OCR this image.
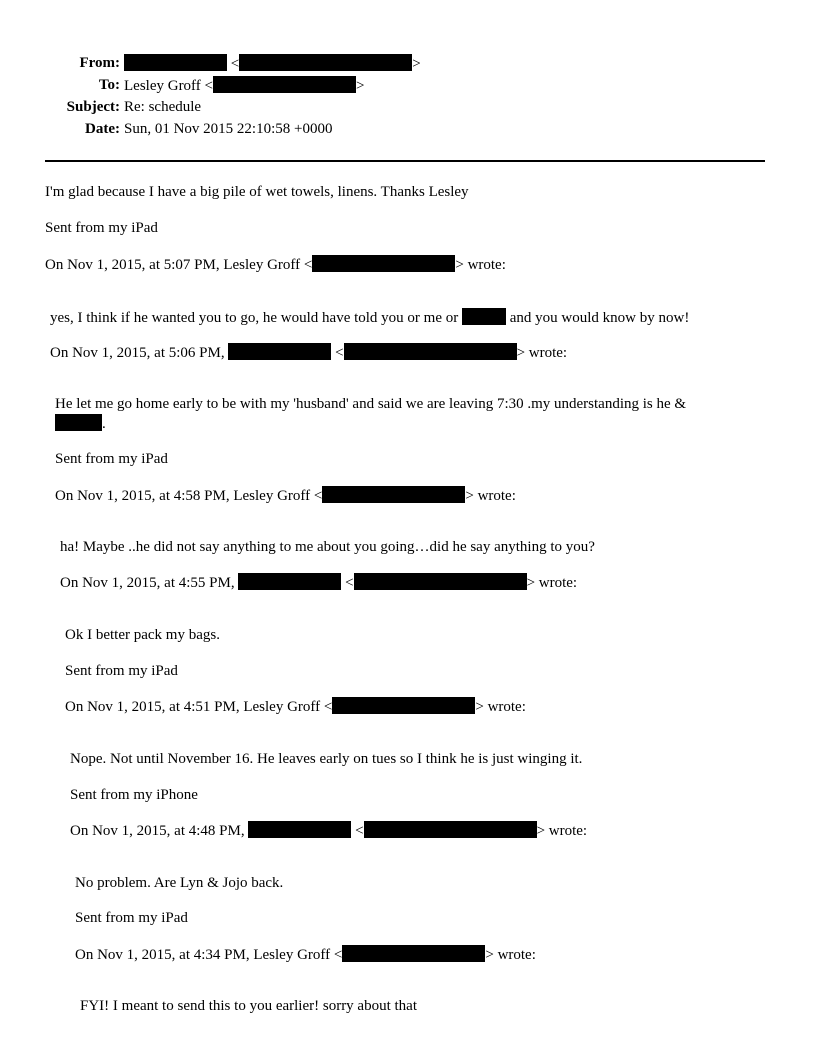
From:	<	>
To: Lesley Groff <	>
Subject: Re: schedule
Date: Sun, 01 Nov 2015 22:10:58 +0000
I'm glad because I have a big pile of wet towels, linens. Thanks Lesley
Sent from my iPad
On Nov 1, 2015, at 5:07 PM, Lesley Groff <	> wrote:
yes, I think if he wanted you to go, he would have told you or me or	and you would know by now!
On Nov 1, 2015, at 5:06 PM,	<	> wrote:
He let me go home early to be with my 'husband' and said we are leaving 7:30 .my understanding is he &
.
Sent from my iPad
On Nov 1, 2015, at 4:58 PM, Lesley Groff <	> wrote:
ha! Maybe ..he did not say anything to me about you going…did he say anything to you?
On Nov 1, 2015, at 4:55 PM,	<	> wrote:
Ok I better pack my bags.
Sent from my iPad
On Nov 1, 2015, at 4:51 PM, Lesley Groff <	> wrote:
Nope. Not until November 16. He leaves early on tues so I think he is just winging it.
Sent from my iPhone
On Nov 1, 2015, at 4:48 PM,	<	> wrote:
No problem. Are Lyn & Jojo back.
Sent from my iPad
On Nov 1, 2015, at 4:34 PM, Lesley Groff <	> wrote:
FYI! I meant to send this to you earlier! sorry about that
